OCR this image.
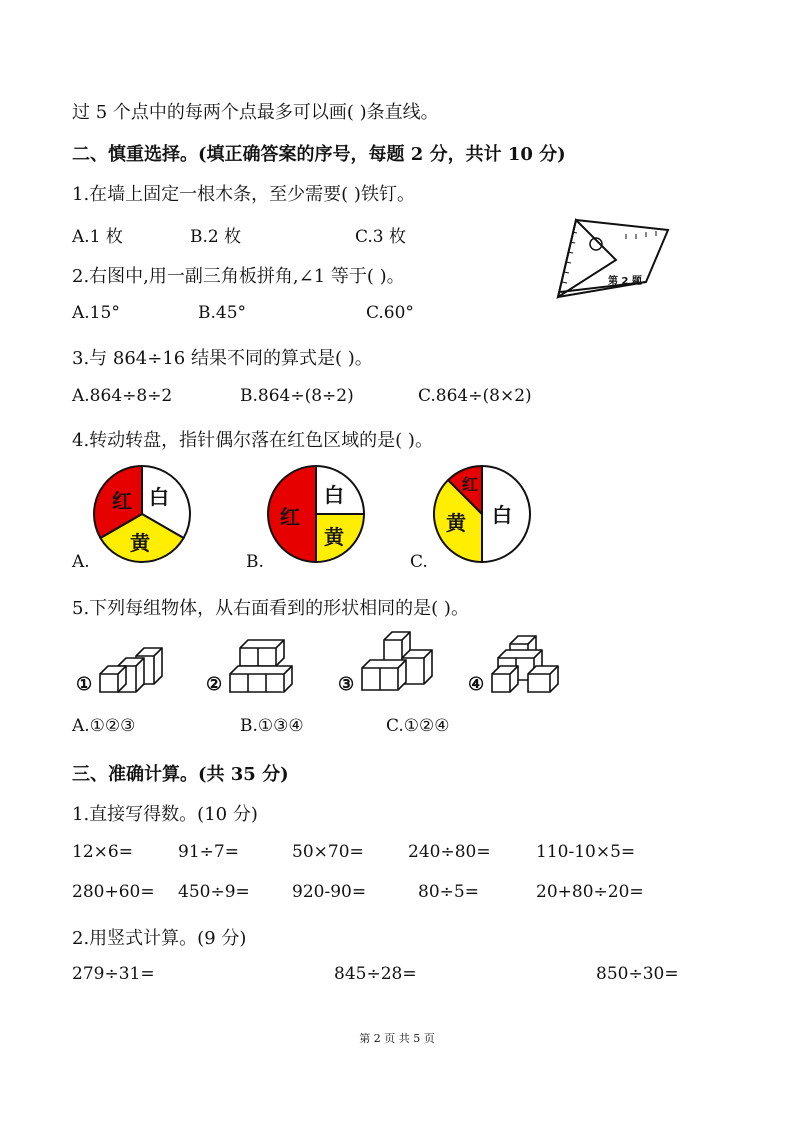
过 5 个点中的每两个点最多可以画( )条直线。
二、慎重选择。(填正确答案的序号，每题 2 分，共计 10 分)
1.在墙上固定一根木条，至少需要( )铁钉。
A.1 枚	B.2 枚	C.3 枚
第 2 题
2.右图中,用一副三角板拼角,∠1 等于( )。
A.15°	B.45°	C.60°
3.与 864÷16 结果不同的算式是( )。
A.864÷8÷2	B.864÷(8÷2)	C.864÷(8×2)
4.转动转盘，指针偶尔落在红色区域的是( )。
红 白
黄
A.
红
白
黄
B.
红
白
黄
C.
5.下列每组物体，从右面看到的形状相同的是( )。
①	②	③	④
A.①②③	B.①③④	C.①②④
三、准确计算。(共 35 分)
1.直接写得数。(10 分)
12×6=	91÷7=	50×70=	240÷80=	110-10×5=
280+60= 450÷9= 920-90=	80÷5=	20+80÷20=
2.用竖式计算。(9 分)
279÷31=	845÷28=	850÷30=
第 2 页 共 5 页
